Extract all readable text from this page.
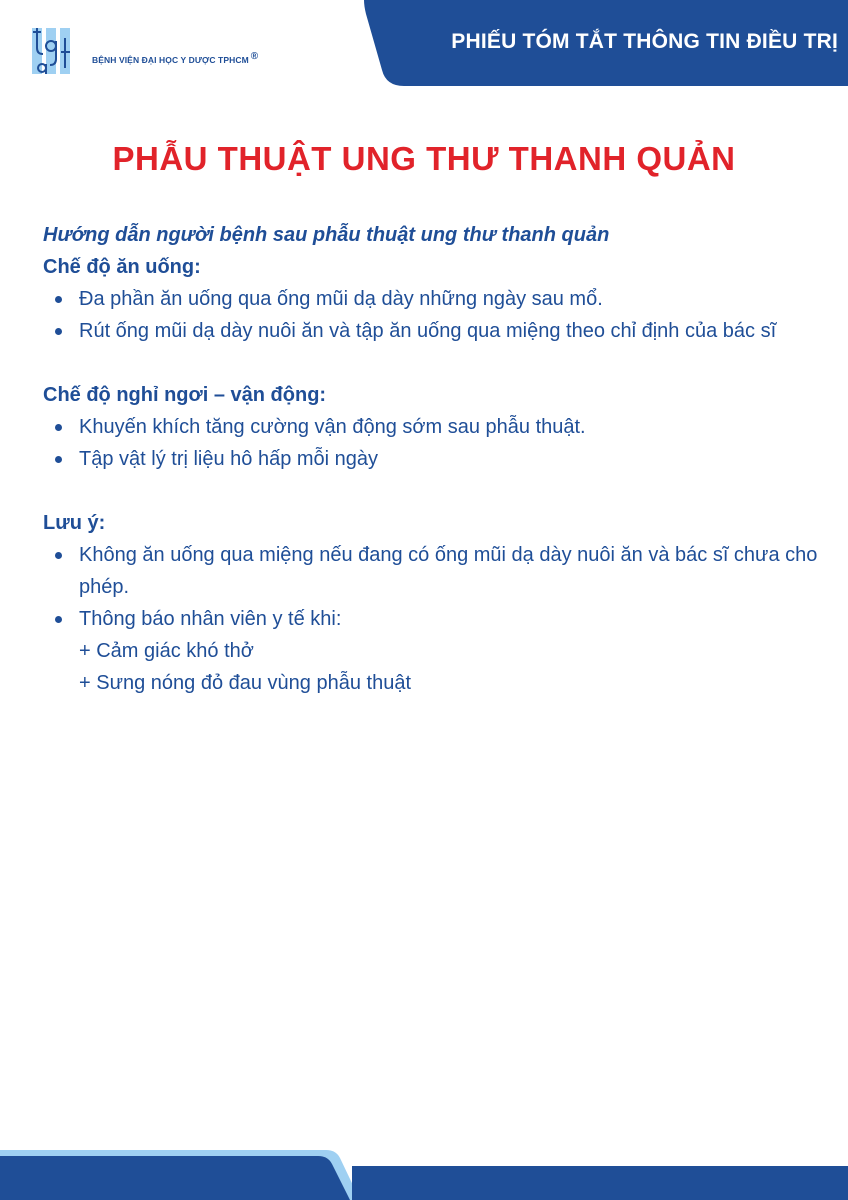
BỆNH VIỆN ĐẠI HỌC Y DƯỢC TPHCM ®
PHIẾU TÓM TẮT THÔNG TIN ĐIỀU TRỊ
PHẪU THUẬT UNG THƯ THANH QUẢN
Hướng dẫn người bệnh sau phẫu thuật ung thư thanh quản
Chế độ ăn uống:
Đa phần ăn uống qua ống mũi dạ dày những ngày sau mổ.
Rút ống mũi dạ dày nuôi ăn và tập ăn uống qua miệng theo chỉ định của bác sĩ
Chế độ nghỉ ngơi – vận động:
Khuyến khích tăng cường vận động sớm sau phẫu thuật.
Tập vật lý trị liệu hô hấp mỗi ngày
Lưu ý:
Không ăn uống qua miệng nếu đang có ống mũi dạ dày nuôi ăn và bác sĩ chưa cho phép.
Thông báo nhân viên y tế khi:
+ Cảm giác khó thở
+ Sưng nóng đỏ đau vùng phẫu thuật
